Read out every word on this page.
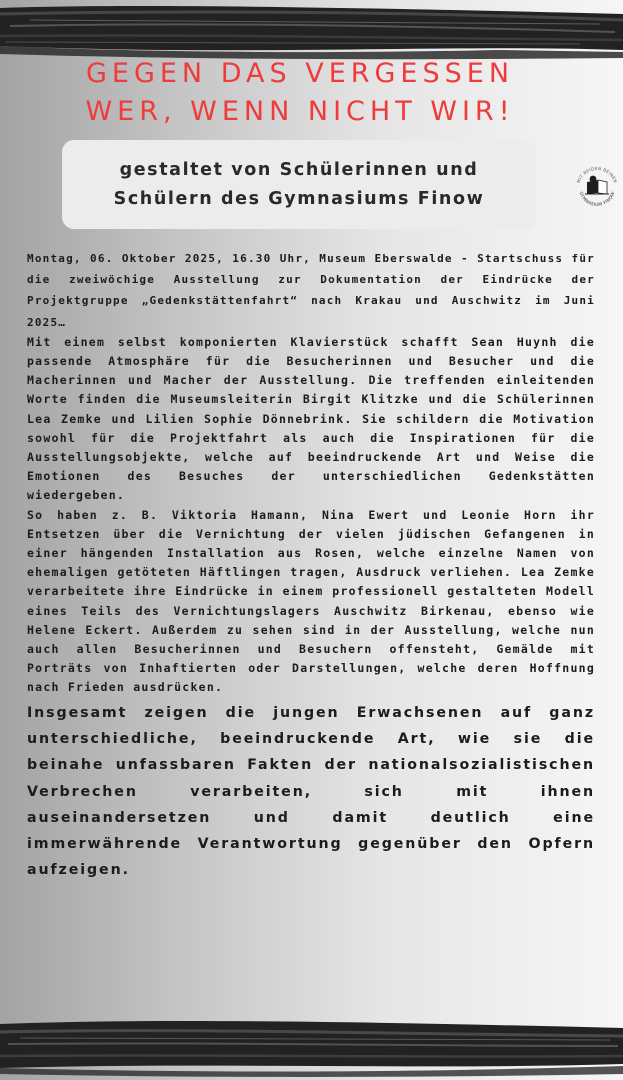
GEGEN DAS VERGESSEN
WER, WENN NICHT WIR!
gestaltet von Schülerinnen und
Schülern des Gymnasiums Finow
MIT BEIDEN BEINEN
GYMNASIUM FINOW

Montag, 06. Oktober 2025, 16.30 Uhr, Museum Eberswalde - Startschuss für die zweiwöchige Ausstellung zur Dokumentation der Eindrücke der Projektgruppe „Gedenkstättenfahrt“ nach Krakau und Auschwitz im Juni 2025…

Mit einem selbst komponierten Klavierstück schafft Sean Huynh die passende Atmosphäre für die Besucherinnen und Besucher und die Macherinnen und Macher der Ausstellung. Die treffenden einleitenden Worte finden die Museumsleiterin Birgit Klitzke und die Schülerinnen Lea Zemke und Lilien Sophie Dönnebrink. Sie schildern die Motivation sowohl für die Projektfahrt als auch die Inspirationen für die Ausstellungsobjekte, welche auf beeindruckende Art und Weise die Emotionen des Besuches der unterschiedlichen Gedenkstätten wiedergeben.

So haben z. B. Viktoria Hamann, Nina Ewert und Leonie Horn ihr Entsetzen über die Vernichtung der vielen jüdischen Gefangenen in einer hängenden Installation aus Rosen, welche einzelne Namen von ehemaligen getöteten Häftlingen tragen, Ausdruck verliehen. Lea Zemke verarbeitete ihre Eindrücke in einem professionell gestalteten Modell eines Teils des Vernichtungslagers Auschwitz Birkenau, ebenso wie Helene Eckert. Außerdem zu sehen sind in der Ausstellung, welche nun auch allen Besucherinnen und Besuchern offensteht, Gemälde mit Porträts von Inhaftierten oder Darstellungen, welche deren Hoffnung nach Frieden ausdrücken.

Insgesamt zeigen die jungen Erwachsenen auf ganz unterschiedliche, beeindruckende Art, wie sie die beinahe unfassbaren Fakten der nationalsozialistischen Verbrechen verarbeiten, sich mit ihnen auseinandersetzen und damit deutlich eine immerwährende Verantwortung gegenüber den Opfern aufzeigen.
